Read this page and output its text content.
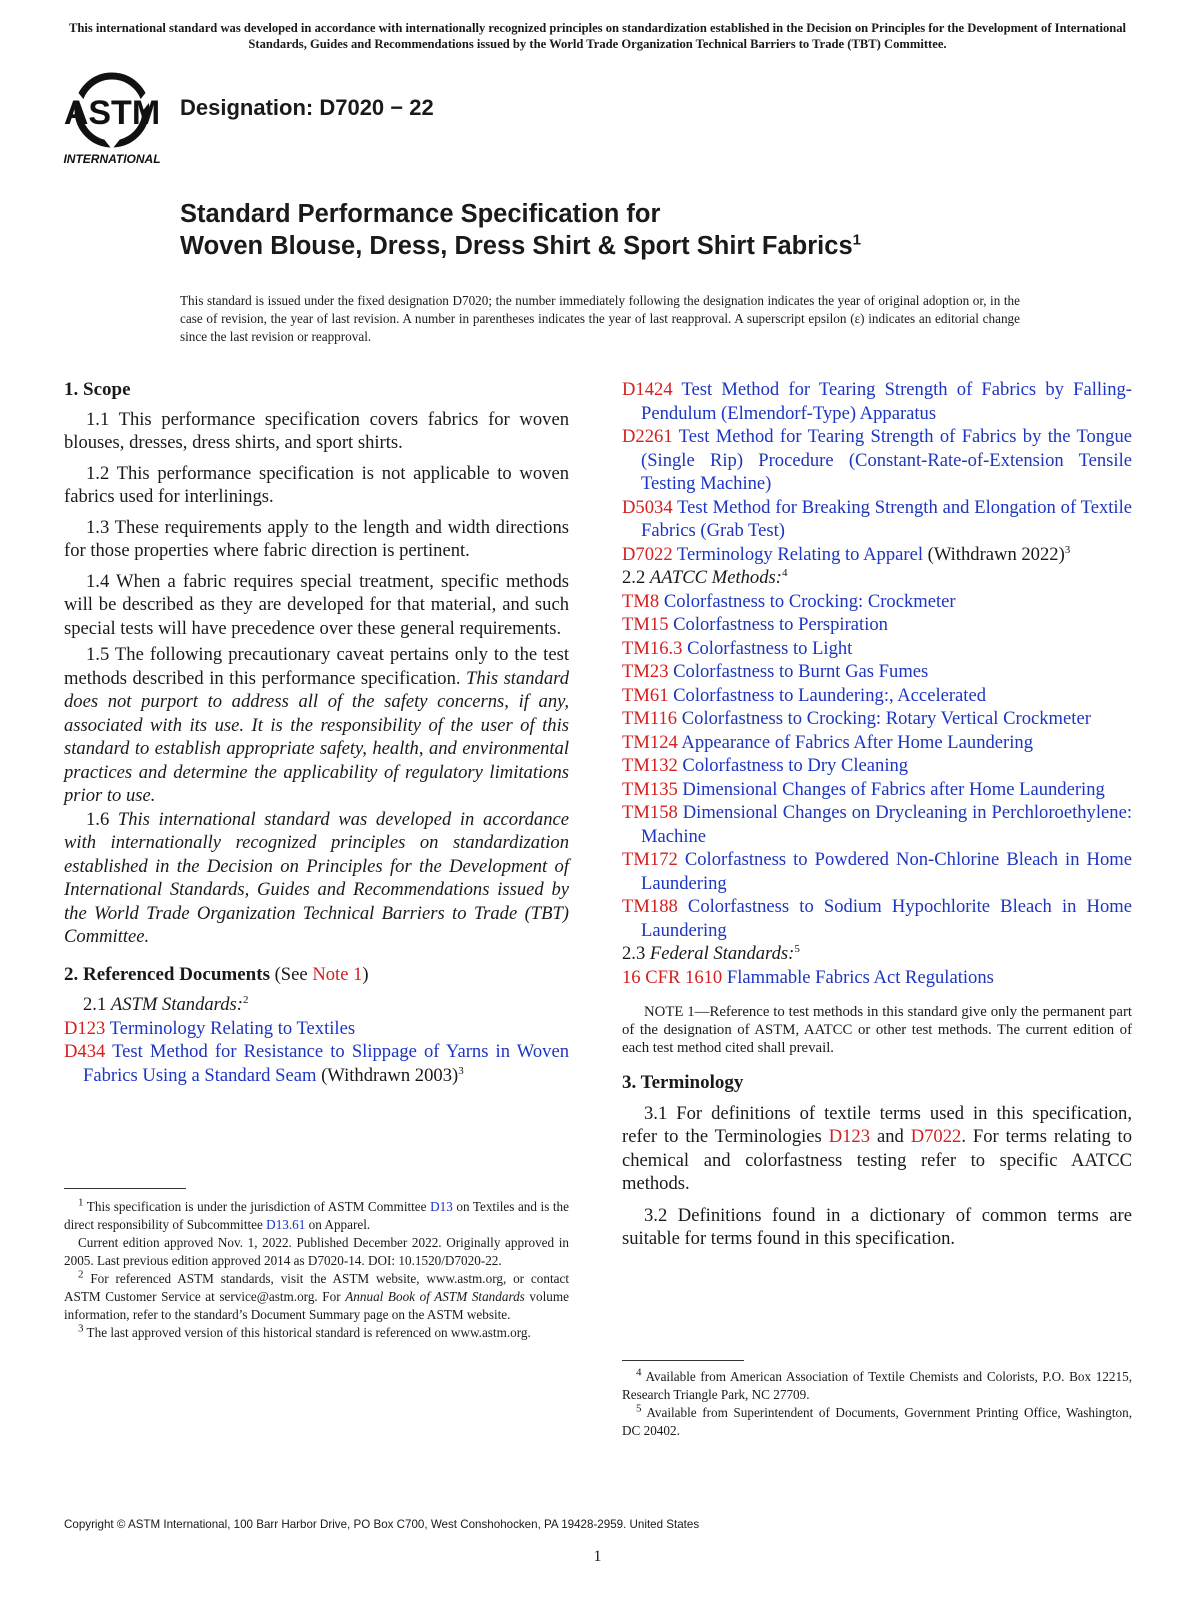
This international standard was developed in accordance with internationally recognized principles on standardization established in the Decision on Principles for the Development of International Standards, Guides and Recommendations issued by the World Trade Organization Technical Barriers to Trade (TBT) Committee.
ASTM
INTERNATIONAL
Designation: D7020 − 22
Standard Performance Specification for
Woven Blouse, Dress, Dress Shirt & Sport Shirt Fabrics$^1$
This standard is issued under the fixed designation D7020; the number immediately following the designation indicates the year of original adoption or, in the case of revision, the year of last revision. A number in parentheses indicates the year of last reapproval. A superscript epsilon (ε) indicates an editorial change since the last revision or reapproval.

1. Scope

1.1 This performance specification covers fabrics for woven blouses, dresses, dress shirts, and sport shirts.

1.2 This performance specification is not applicable to woven fabrics used for interlinings.

1.3 These requirements apply to the length and width directions for those properties where fabric direction is pertinent.

1.4 When a fabric requires special treatment, specific methods will be described as they are developed for that material, and such special tests will have precedence over these general requirements.

1.5 The following precautionary caveat pertains only to the test methods described in this performance specification. This standard does not purport to address all of the safety concerns, if any, associated with its use. It is the responsibility of the user of this standard to establish appropriate safety, health, and environmental practices and determine the applicability of regulatory limitations prior to use.

1.6 This international standard was developed in accordance with internationally recognized principles on standardization established in the Decision on Principles for the Development of International Standards, Guides and Recommendations issued by the World Trade Organization Technical Barriers to Trade (TBT) Committee.

2. Referenced Documents (See Note 1)

2.1 ASTM Standards:$^2$

D123 Terminology Relating to Textiles

D434 Test Method for Resistance to Slippage of Yarns in Woven Fabrics Using a Standard Seam (Withdrawn 2003)$^3$

$^1$ This specification is under the jurisdiction of ASTM Committee D13 on Textiles and is the direct responsibility of Subcommittee D13.61 on Apparel.

Current edition approved Nov. 1, 2022. Published December 2022. Originally approved in 2005. Last previous edition approved 2014 as D7020-14. DOI: 10.1520/D7020-22.

$^2$ For referenced ASTM standards, visit the ASTM website, www.astm.org, or contact ASTM Customer Service at service@astm.org. For Annual Book of ASTM Standards volume information, refer to the standard’s Document Summary page on the ASTM website.

$^3$ The last approved version of this historical standard is referenced on www.astm.org.

D1424 Test Method for Tearing Strength of Fabrics by Falling-Pendulum (Elmendorf-Type) Apparatus

D2261 Test Method for Tearing Strength of Fabrics by the Tongue (Single Rip) Procedure (Constant-Rate-of-Extension Tensile Testing Machine)

D5034 Test Method for Breaking Strength and Elongation of Textile Fabrics (Grab Test)

D7022 Terminology Relating to Apparel (Withdrawn 2022)$^3$

2.2 AATCC Methods:$^4$

TM8 Colorfastness to Crocking: Crockmeter

TM15 Colorfastness to Perspiration

TM16.3 Colorfastness to Light

TM23 Colorfastness to Burnt Gas Fumes

TM61 Colorfastness to Laundering:, Accelerated

TM116 Colorfastness to Crocking: Rotary Vertical Crockmeter

TM124 Appearance of Fabrics After Home Laundering

TM132 Colorfastness to Dry Cleaning

TM135 Dimensional Changes of Fabrics after Home Laundering

TM158 Dimensional Changes on Drycleaning in Perchloroethylene: Machine

TM172 Colorfastness to Powdered Non-Chlorine Bleach in Home Laundering

TM188 Colorfastness to Sodium Hypochlorite Bleach in Home Laundering

2.3 Federal Standards:$^5$

16 CFR 1610 Flammable Fabrics Act Regulations

NOTE 1—Reference to test methods in this standard give only the permanent part of the designation of ASTM, AATCC or other test methods. The current edition of each test method cited shall prevail.

3. Terminology

3.1 For definitions of textile terms used in this specification, refer to the Terminologies D123 and D7022. For terms relating to chemical and colorfastness testing refer to specific AATCC methods.

3.2 Definitions found in a dictionary of common terms are suitable for terms found in this specification.

$^4$ Available from American Association of Textile Chemists and Colorists, P.O. Box 12215, Research Triangle Park, NC 27709.

$^5$ Available from Superintendent of Documents, Government Printing Office, Washington, DC 20402.

Copyright © ASTM International, 100 Barr Harbor Drive, PO Box C700, West Conshohocken, PA 19428-2959. United States
1
